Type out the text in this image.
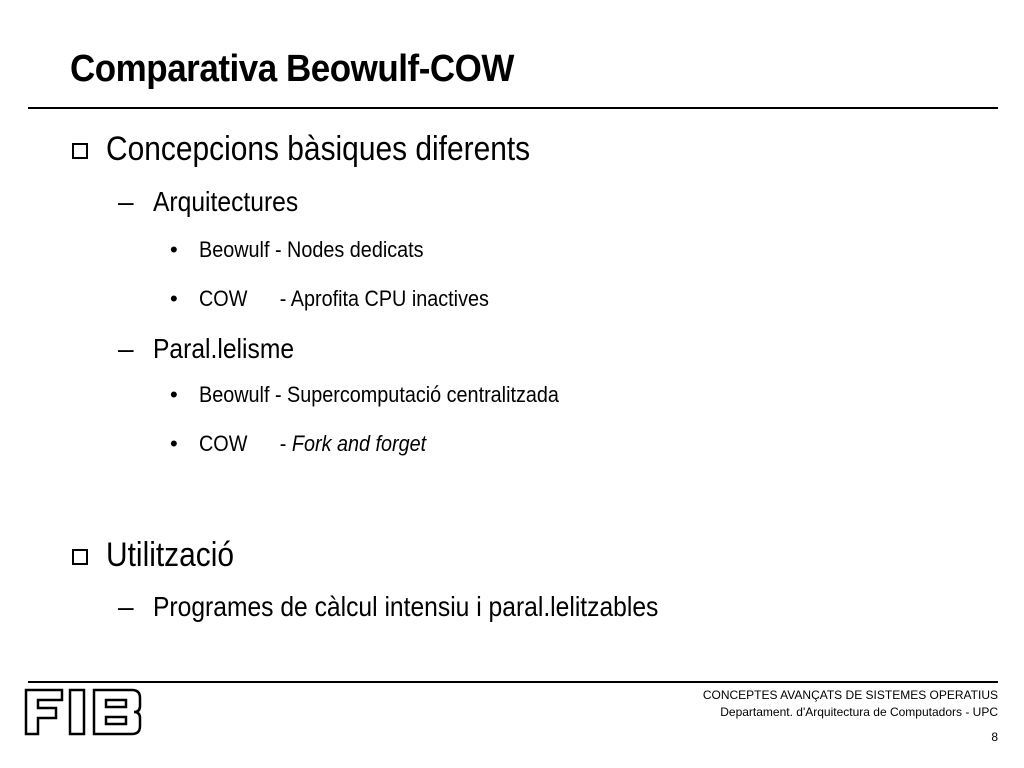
Comparativa Beowulf-COW
Concepcions bàsiques diferents
– Arquitectures
• Beowulf - Nodes dedicats
• COW - Aprofita CPU inactives
– Paral.lelisme
• Beowulf - Supercomputació centralitzada
• COW - Fork and forget
Utilització
– Programes de càlcul intensiu i paral.lelitzables
CONCEPTES AVANÇATS DE SISTEMES OPERATIUS
Departament. d'Arquitectura de Computadors - UPC
8
